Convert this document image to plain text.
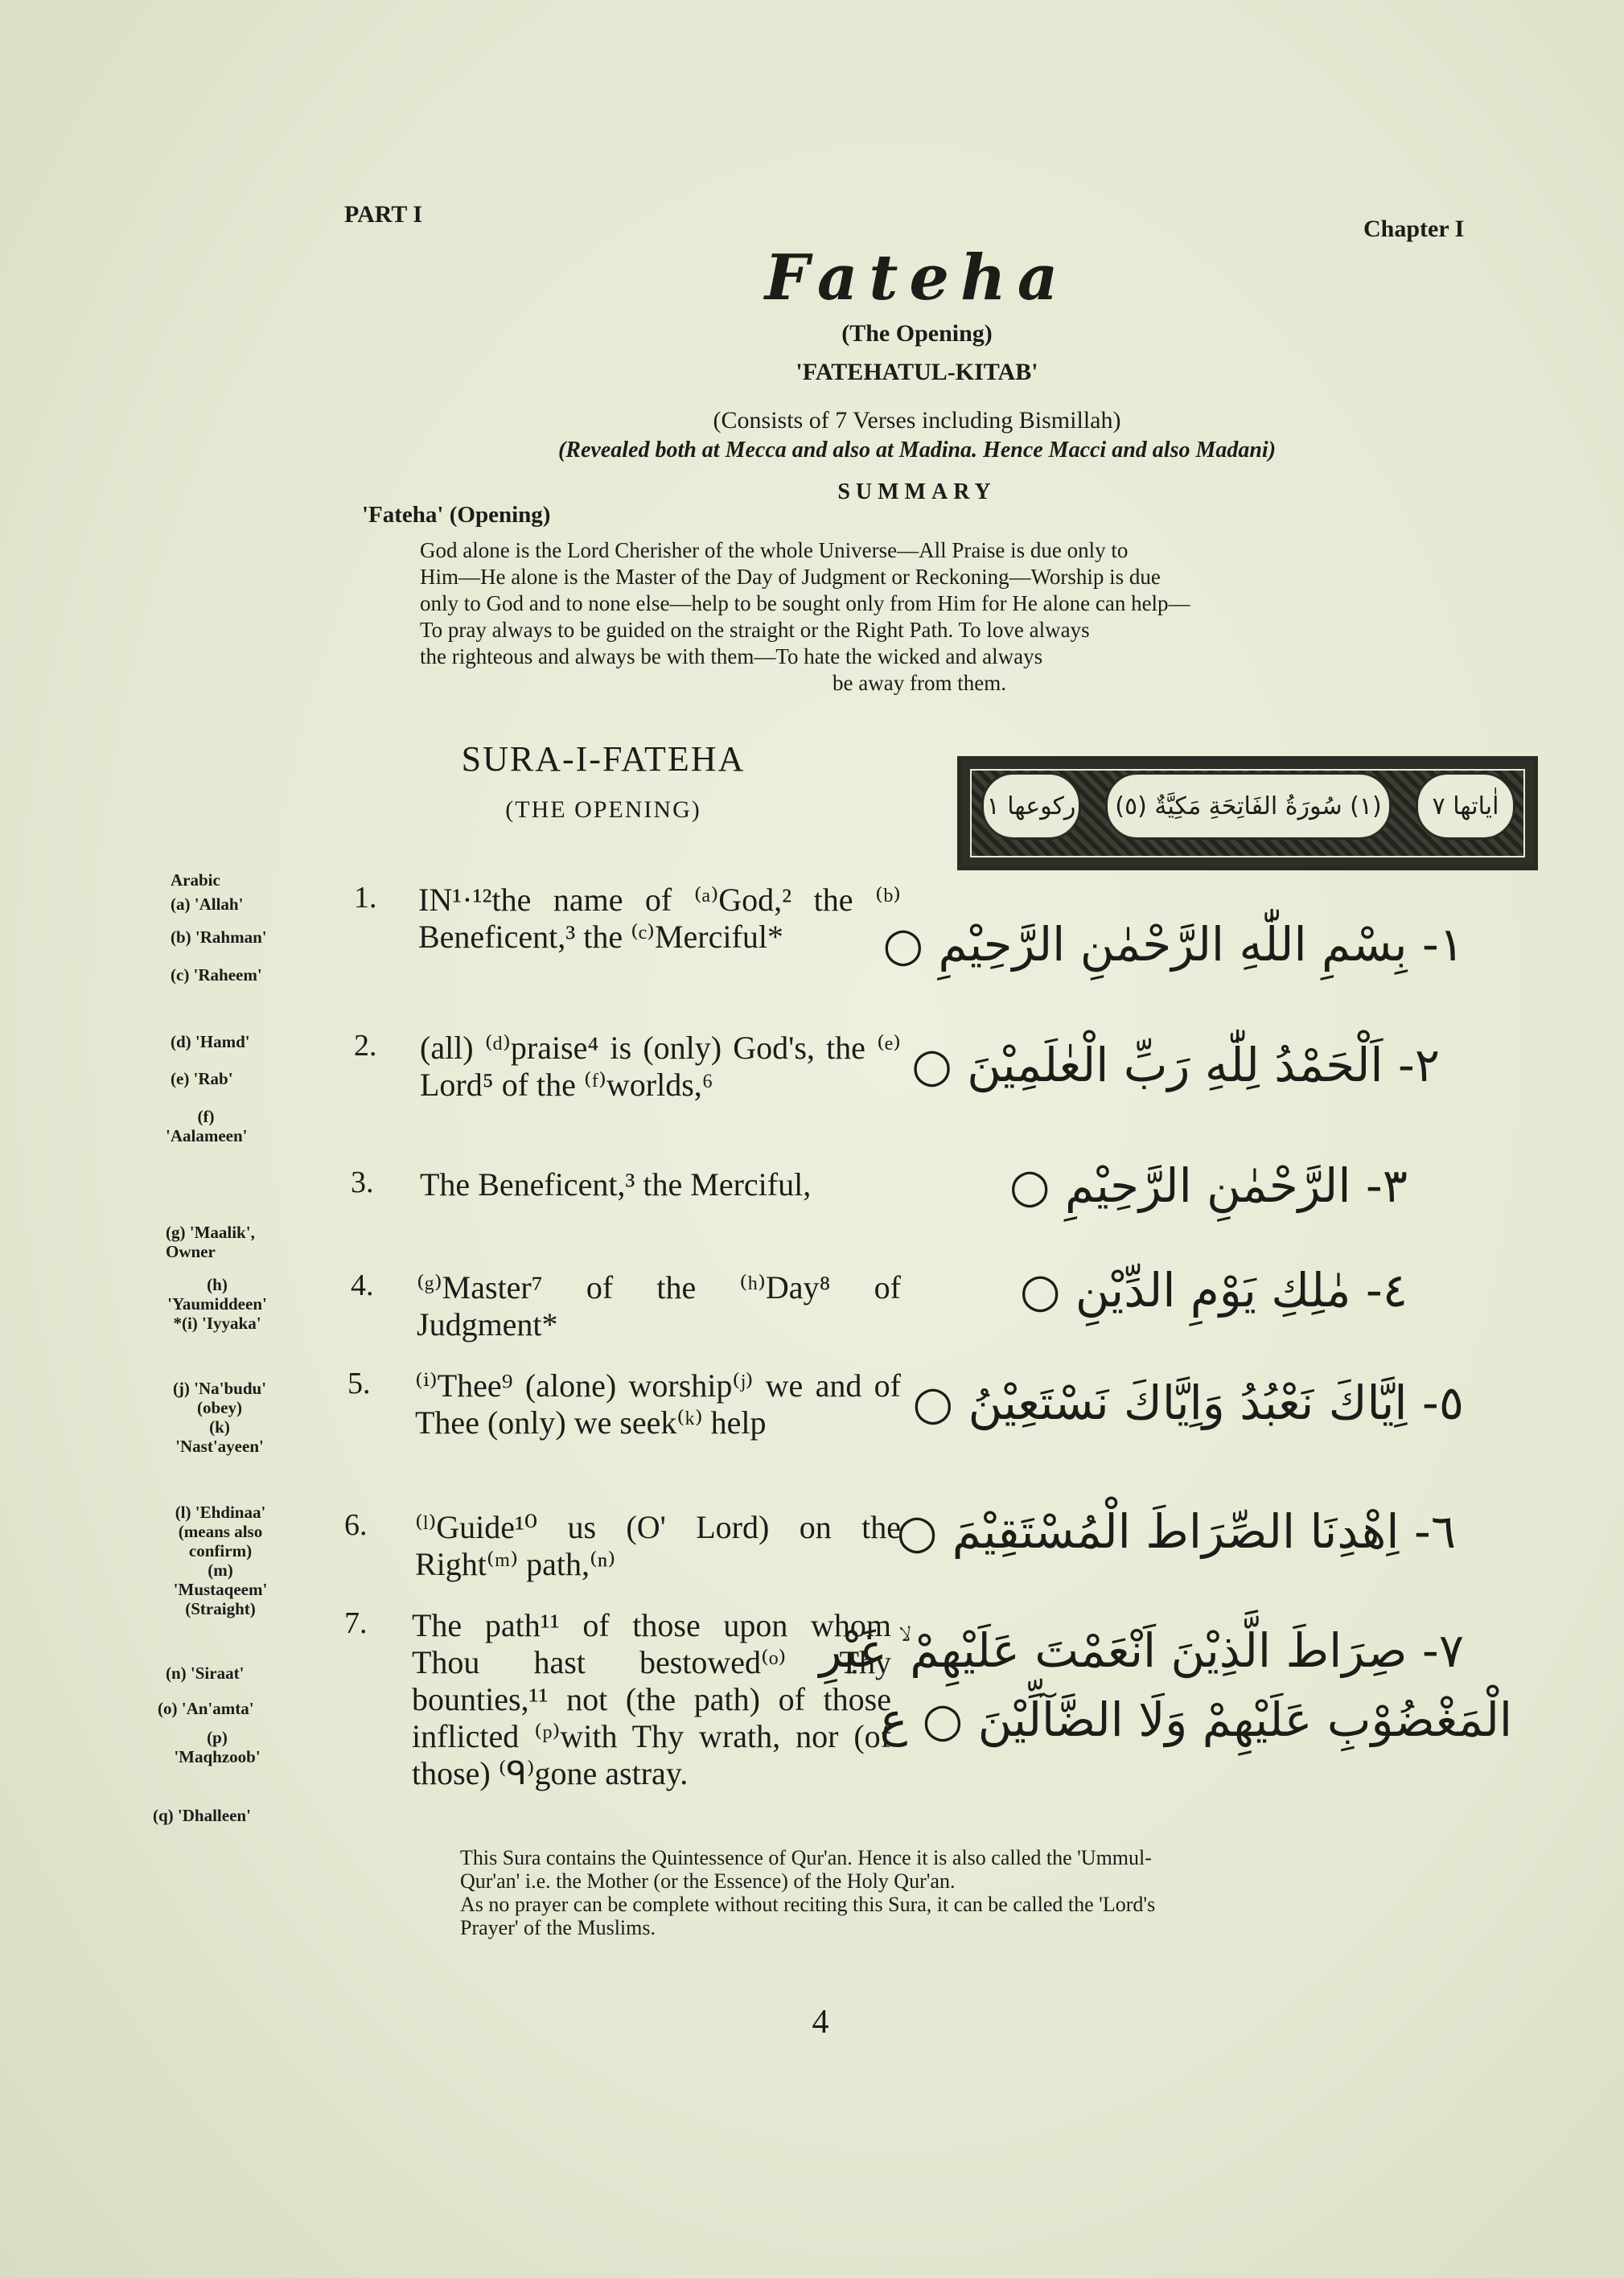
PART I
Chapter I
Fateha
(The Opening)
'FATEHATUL-KITAB'
(Consists of 7 Verses including Bismillah)
(Revealed both at Mecca and also at Madina. Hence Macci and also Madani)
SUMMARY
'Fateha' (Opening)
God alone is the Lord Cherisher of the whole Universe—All Praise is due only to
Him—He alone is the Master of the Day of Judgment or Reckoning—Worship is due
only to God and to none else—help to be sought only from Him for He alone can help—
To pray always to be guided on the straight or the Right Path. To love always
the righteous and always be with them—To hate the wicked and always
be away from them.
SURA-I-FATEHA
(THE OPENING)	ركوعها ١	(١) سُورَةُ الفَاتِحَةِ مَكِيَّةٌ (٥)	اٰياتها ٧
Arabic
(a) 'Allah'
(b) 'Rahman'
(c) 'Raheem'
(d) 'Hamd'
(e) 'Rab'
(f)
'Aalameen'
(g) 'Maalik',
Owner
(h)
'Yaumiddeen'
*(i) 'Iyyaka'
(j) 'Na'budu'
(obey)
(k)
'Nast'ayeen'
(l) 'Ehdinaa'
(means also
confirm)
(m)
'Mustaqeem'
(Straight)
(n) 'Siraat'
(o) 'An'amta'
(p)
'Maqhzoob'
(q) 'Dhalleen'
1. IN¹·¹²the name of ⁽ᵃ⁾God,² the ⁽ᵇ⁾Beneficent,³ the ⁽ᶜ⁾Merciful*
2. (all) ⁽ᵈ⁾praise⁴ is (only) God's, the ⁽ᵉ⁾Lord⁵ of the ⁽ᶠ⁾worlds,⁶
3. The Beneficent,³ the Merciful,
4. ⁽ᵍ⁾Master⁷ of the ⁽ʰ⁾Day⁸ of Judgment*
5. ⁽ⁱ⁾Thee⁹ (alone) worship⁽ʲ⁾ we and of Thee (only) we seek⁽ᵏ⁾ help
6. ⁽ˡ⁾Guide¹⁰ us (O' Lord) on the Right⁽ᵐ⁾ path,⁽ⁿ⁾
7. The path¹¹ of those upon whom Thou hast bestowed⁽ᵒ⁾ Thy bounties,¹¹ not (the path) of those inflicted ⁽ᵖ⁾with Thy wrath, nor (of those) ⁽ᑫ⁾gone astray.
١- بِسْمِ اللّٰهِ الرَّحْمٰنِ الرَّحِيْمِ ○
٢- اَلْحَمْدُ لِلّٰهِ رَبِّ الْعٰلَمِيْنَ ○
٣- الرَّحْمٰنِ الرَّحِيْمِ ○
٤- مٰلِكِ يَوْمِ الدِّيْنِ ○
٥- اِيَّاكَ نَعْبُدُ وَاِيَّاكَ نَسْتَعِيْنُ ○
٦- اِهْدِنَا الصِّرَاطَ الْمُسْتَقِيْمَ ○
٧- صِرَاطَ الَّذِيْنَ اَنْعَمْتَ عَلَيْهِمْ ۙ غَيْرِ
الْمَغْضُوْبِ عَلَيْهِمْ وَلَا الضَّآلِّيْنَ ○ ع
This Sura contains the Quintessence of Qur'an. Hence it is also called the 'Ummul-
Qur'an' i.e. the Mother (or the Essence) of the Holy Qur'an.
As no prayer can be complete without reciting this Sura, it can be called the 'Lord's
Prayer' of the Muslims.
4
